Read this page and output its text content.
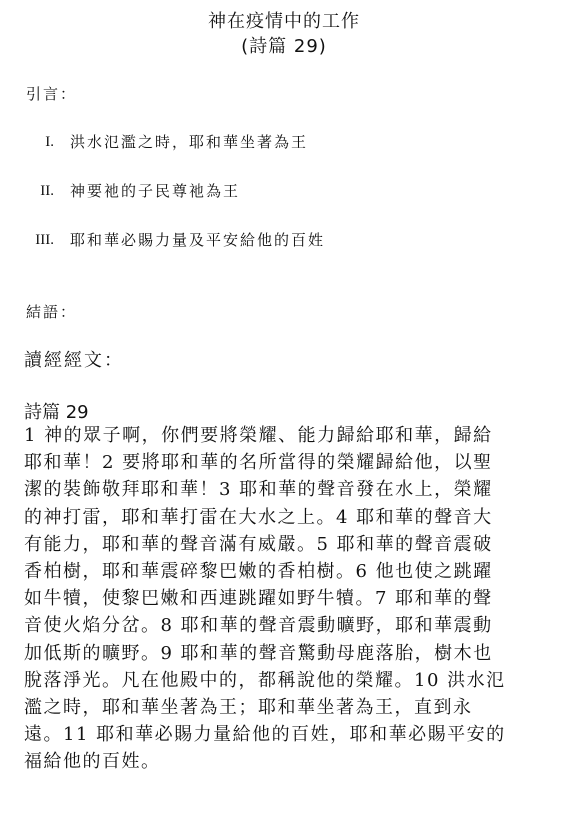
神在疫情中的工作
(詩篇 29)
引言：
I. 洪水氾濫之時，耶和華坐著為王
II. 神要祂的子民尊祂為王
III. 耶和華必賜力量及平安給他的百姓
結語：
讀經經文：
詩篇 29
1 神的眾子啊，你們要將榮耀、能力歸給耶和華，歸給耶和華！2 要將耶和華的名所當得的榮耀歸給他，以聖潔的裝飾敬拜耶和華！3 耶和華的聲音發在水上，榮耀的神打雷，耶和華打雷在大水之上。4 耶和華的聲音大有能力，耶和華的聲音滿有威嚴。5 耶和華的聲音震破香柏樹，耶和華震碎黎巴嫩的香柏樹。6 他也使之跳躍如牛犢，使黎巴嫩和西連跳躍如野牛犢。7 耶和華的聲音使火焰分岔。8 耶和華的聲音震動曠野，耶和華震動加低斯的曠野。9 耶和華的聲音驚動母鹿落胎，樹木也脫落淨光。凡在他殿中的，都稱說他的榮耀。10 洪水氾濫之時，耶和華坐著為王；耶和華坐著為王，直到永遠。11 耶和華必賜力量給他的百姓，耶和華必賜平安的福給他的百姓。
